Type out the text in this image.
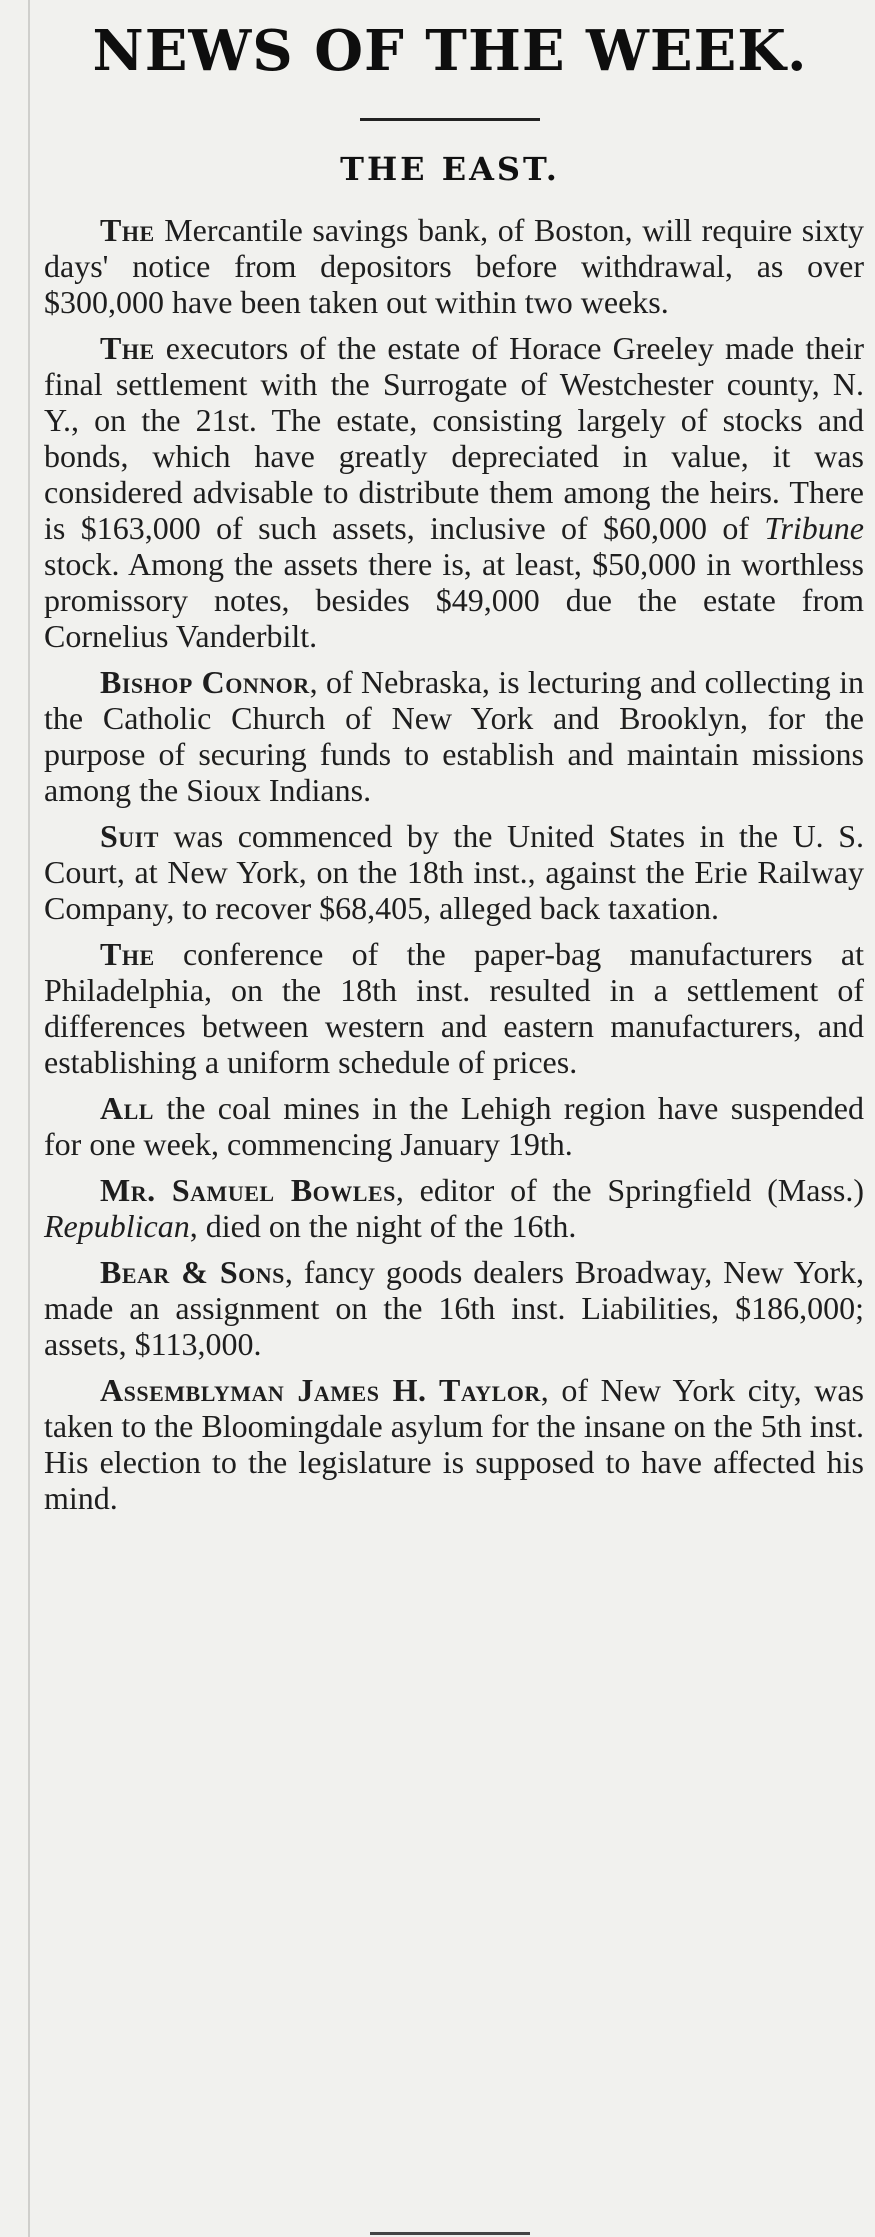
NEWS OF THE WEEK.
THE EAST.

The Mercantile savings bank, of Boston, will require sixty days' notice from depositors before withdrawal, as over $300,000 have been taken out within two weeks.

The executors of the estate of Horace Greeley made their final settlement with the Surrogate of Westchester county, N. Y., on the 21st. The estate, consisting largely of stocks and bonds, which have greatly depreciated in value, it was considered advisable to distribute them among the heirs. There is $163,000 of such assets, inclusive of $60,000 of Tribune stock. Among the assets there is, at least, $50,000 in worthless promissory notes, besides $49,000 due the estate from Cornelius Vanderbilt.

Bishop Connor, of Nebraska, is lecturing and collecting in the Catholic Church of New York and Brooklyn, for the purpose of securing funds to establish and maintain missions among the Sioux Indians.

Suit was commenced by the United States in the U. S. Court, at New York, on the 18th inst., against the Erie Railway Company, to recover $68,405, alleged back taxation.

The conference of the paper-bag manufacturers at Philadelphia, on the 18th inst. resulted in a settlement of differences between western and eastern manufacturers, and establishing a uniform schedule of prices.

All the coal mines in the Lehigh region have suspended for one week, commencing January 19th.

Mr. Samuel Bowles, editor of the Springfield (Mass.) Republican, died on the night of the 16th.

Bear & Sons, fancy goods dealers Broadway, New York, made an assignment on the 16th inst. Liabilities, $186,000; assets, $113,000.

Assemblyman James H. Taylor, of New York city, was taken to the Bloomingdale asylum for the insane on the 5th inst. His election to the legislature is supposed to have affected his mind.
